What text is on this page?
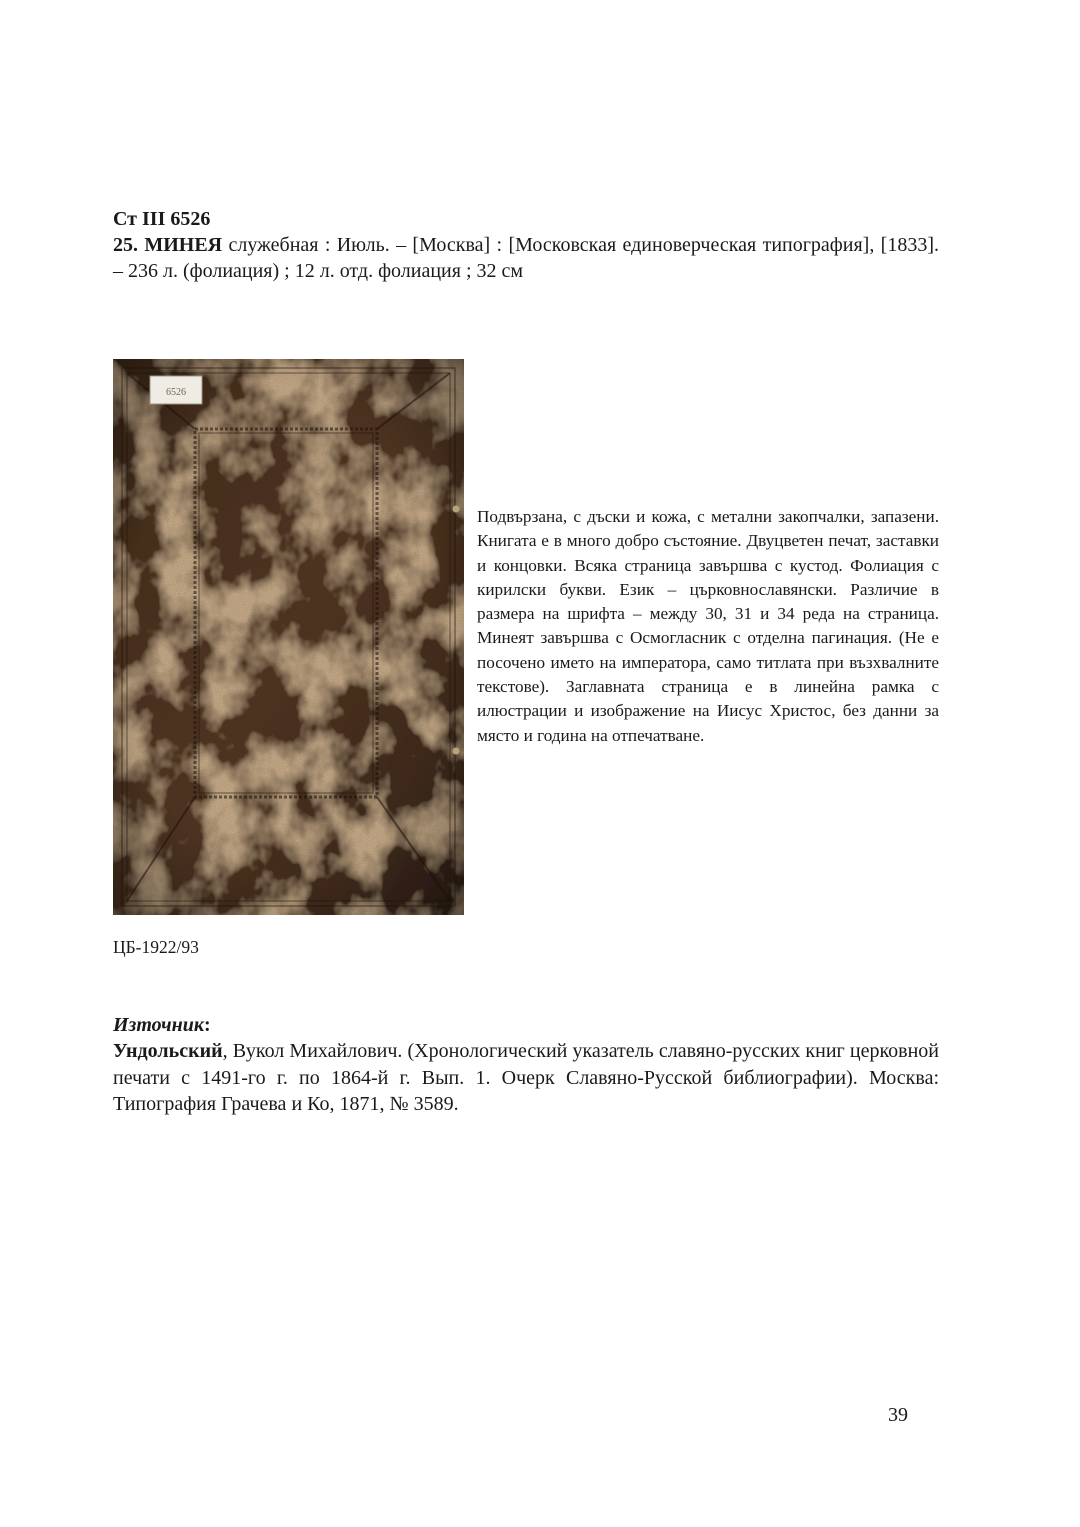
Ст III 6526
25. МИНЕЯ служебная : Июль. – [Москва] : [Московская единоверческая типография], [1833]. – 236 л. (фолиация) ; 12 л. отд. фолиация ; 32 см
6526
Подвързана, с дъски и кожа, с метални закопчалки, запазени. Книгата е в много добро състояние. Двуцветен печат, заставки и концовки. Всяка страница завършва с кустод. Фолиация с кирилски букви. Език – църковнославянски. Различие в размера на шрифта – между 30, 31 и 34 реда на страница. Минеят завършва с Осмогласник с отделна пагинация. (Не е посочено името на императора, само титлата при възхвалните текстове). Заглавната страница е в линейна рамка с илюстрации и изображение на Иисус Христос, без данни за място и година на отпечатване.
ЦБ-1922/93
Източник:
Ундольский, Вукол Михайлович. (Хронологический указатель славяно-русских книг церковной печати с 1491-го г. по 1864-й г. Вып. 1. Очерк Славяно-Русской библиографии). Москва: Типография Грачева и Ко, 1871, № 3589.
39
